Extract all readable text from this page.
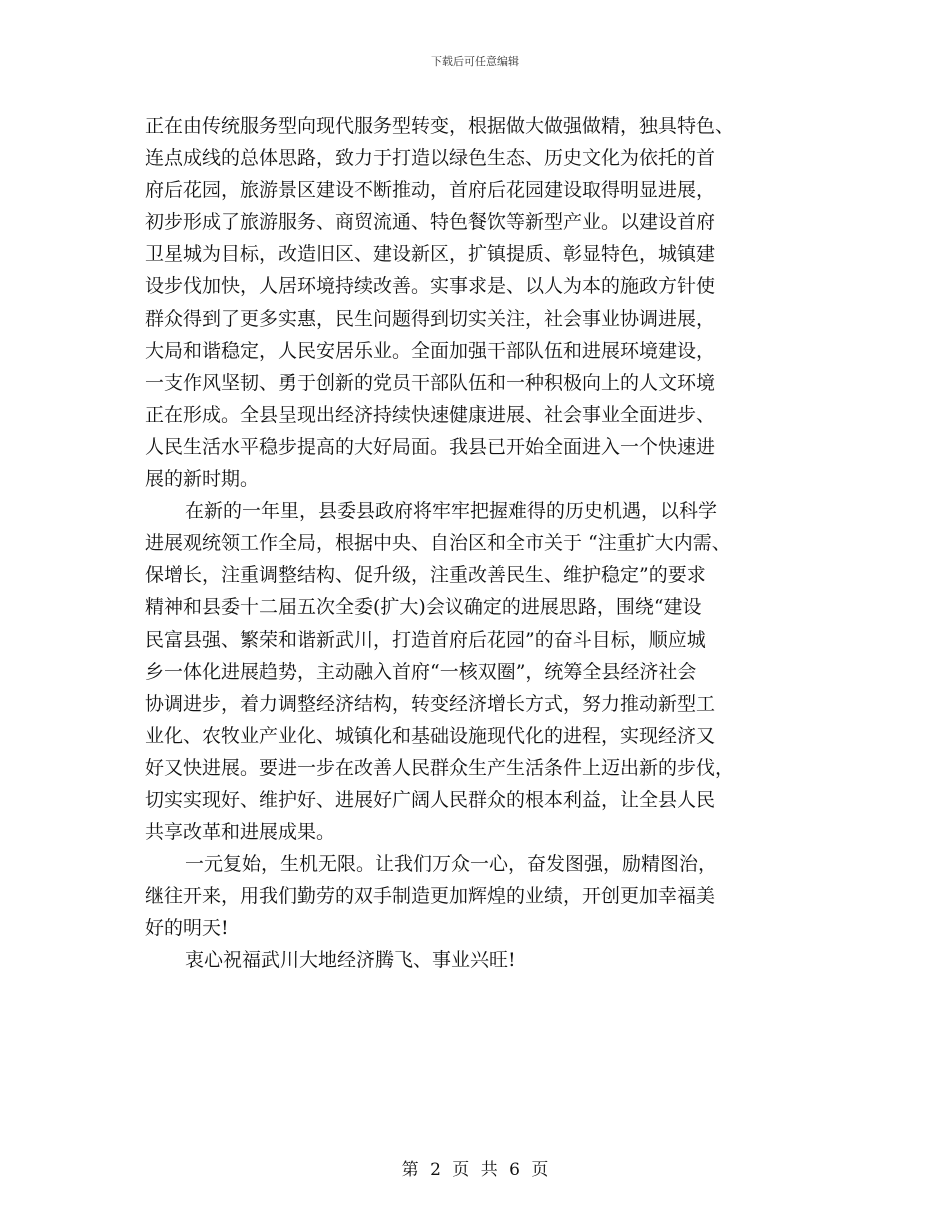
下载后可任意编辑
正在由传统服务型向现代服务型转变，根据做大做强做精，独具特色、
连点成线的总体思路，致力于打造以绿色生态、历史文化为依托的首
府后花园，旅游景区建设不断推动，首府后花园建设取得明显进展，
初步形成了旅游服务、商贸流通、特色餐饮等新型产业。以建设首府
卫星城为目标，改造旧区、建设新区，扩镇提质、彰显特色，城镇建
设步伐加快，人居环境持续改善。实事求是、以人为本的施政方针使
群众得到了更多实惠，民生问题得到切实关注，社会事业协调进展，
大局和谐稳定，人民安居乐业。全面加强干部队伍和进展环境建设，
一支作风坚韧、勇于创新的党员干部队伍和一种积极向上的人文环境
正在形成。全县呈现出经济持续快速健康进展、社会事业全面进步、
人民生活水平稳步提高的大好局面。我县已开始全面进入一个快速进
展的新时期。
在新的一年里，县委县政府将牢牢把握难得的历史机遇，以科学
进展观统领工作全局，根据中央、自治区和全市关于 “注重扩大内需、
保增长，注重调整结构、促升级，注重改善民生、维护稳定”的要求
精神和县委十二届五次全委(扩大)会议确定的进展思路，围绕“建设
民富县强、繁荣和谐新武川，打造首府后花园”的奋斗目标，顺应城
乡一体化进展趋势，主动融入首府“一核双圈”，统筹全县经济社会
协调进步，着力调整经济结构，转变经济增长方式，努力推动新型工
业化、农牧业产业化、城镇化和基础设施现代化的进程，实现经济又
好又快进展。要进一步在改善人民群众生产生活条件上迈出新的步伐，
切实实现好、维护好、进展好广阔人民群众的根本利益，让全县人民
共享改革和进展成果。
一元复始，生机无限。让我们万众一心，奋发图强，励精图治，
继往开来，用我们勤劳的双手制造更加辉煌的业绩，开创更加幸福美
好的明天!
衷心祝福武川大地经济腾飞、事业兴旺!
第 2 页 共 6 页
